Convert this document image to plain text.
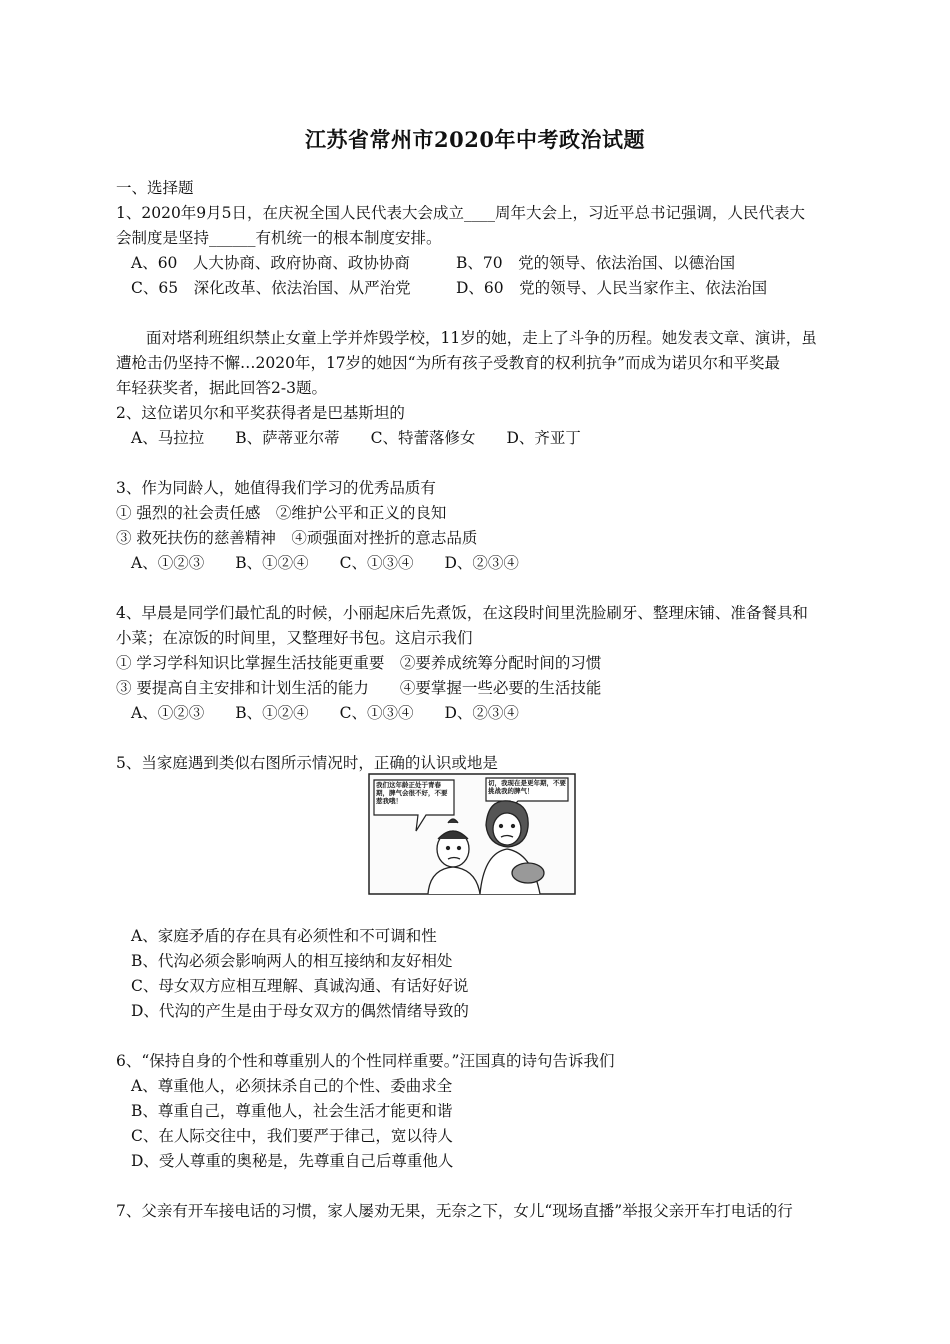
江苏省常州市2020年中考政治试题
一、选择题
1、2020年9月5日，在庆祝全国人民代表大会成立____周年大会上，习近平总书记强调，人民代表大
会制度是坚持______有机统一的根本制度安排。
A、60　人大协商、政府协商、政协协商	B、70　党的领导、依法治国、以德治国
C、65　深化改革、依法治国、从严治党	D、60　党的领导、人民当家作主、依法治国
面对塔利班组织禁止女童上学并炸毁学校，11岁的她，走上了斗争的历程。她发表文章、演讲，虽
遭枪击仍坚持不懈…2020年，17岁的她因“为所有孩子受教育的权利抗争”而成为诺贝尔和平奖最
年轻获奖者，据此回答2-3题。
2、这位诺贝尔和平奖获得者是巴基斯坦的
A、马拉拉　　B、萨蒂亚尔蒂　　C、特蕾落修女　　D、齐亚丁
3、作为同龄人，她值得我们学习的优秀品质有
① 强烈的社会责任感　②维护公平和正义的良知
③ 救死扶伤的慈善精神　④顽强面对挫折的意志品质
A、①②③　　B、①②④　　C、①③④　　D、②③④
4、早晨是同学们最忙乱的时候，小丽起床后先煮饭，在这段时间里洗脸刷牙、整理床铺、准备餐具和
小菜；在凉饭的时间里，又整理好书包。这启示我们
① 学习学科知识比掌握生活技能更重要　②要养成统筹分配时间的习惯
③ 要提高自主安排和计划生活的能力　　④要掌握一些必要的生活技能
A、①②③　　B、①②④　　C、①③④　　D、②③④
5、当家庭遇到类似右图所示情况时，正确的认识或地是
我们这年龄正处于青春期，脾气会很不好，不要惹我哦！
切，我现在是更年期，不要挑战我的脾气！
A、家庭矛盾的存在具有必须性和不可调和性
B、代沟必须会影响两人的相互接纳和友好相处
C、母女双方应相互理解、真诚沟通、有话好好说
D、代沟的产生是由于母女双方的偶然情绪导致的
6、“保持自身的个性和尊重别人的个性同样重要。”汪国真的诗句告诉我们
A、尊重他人，必须抹杀自己的个性、委曲求全
B、尊重自己，尊重他人，社会生活才能更和谐
C、在人际交往中，我们要严于律己，宽以待人
D、受人尊重的奥秘是，先尊重自己后尊重他人
7、父亲有开车接电话的习惯，家人屡劝无果，无奈之下，女儿“现场直播”举报父亲开车打电话的行
